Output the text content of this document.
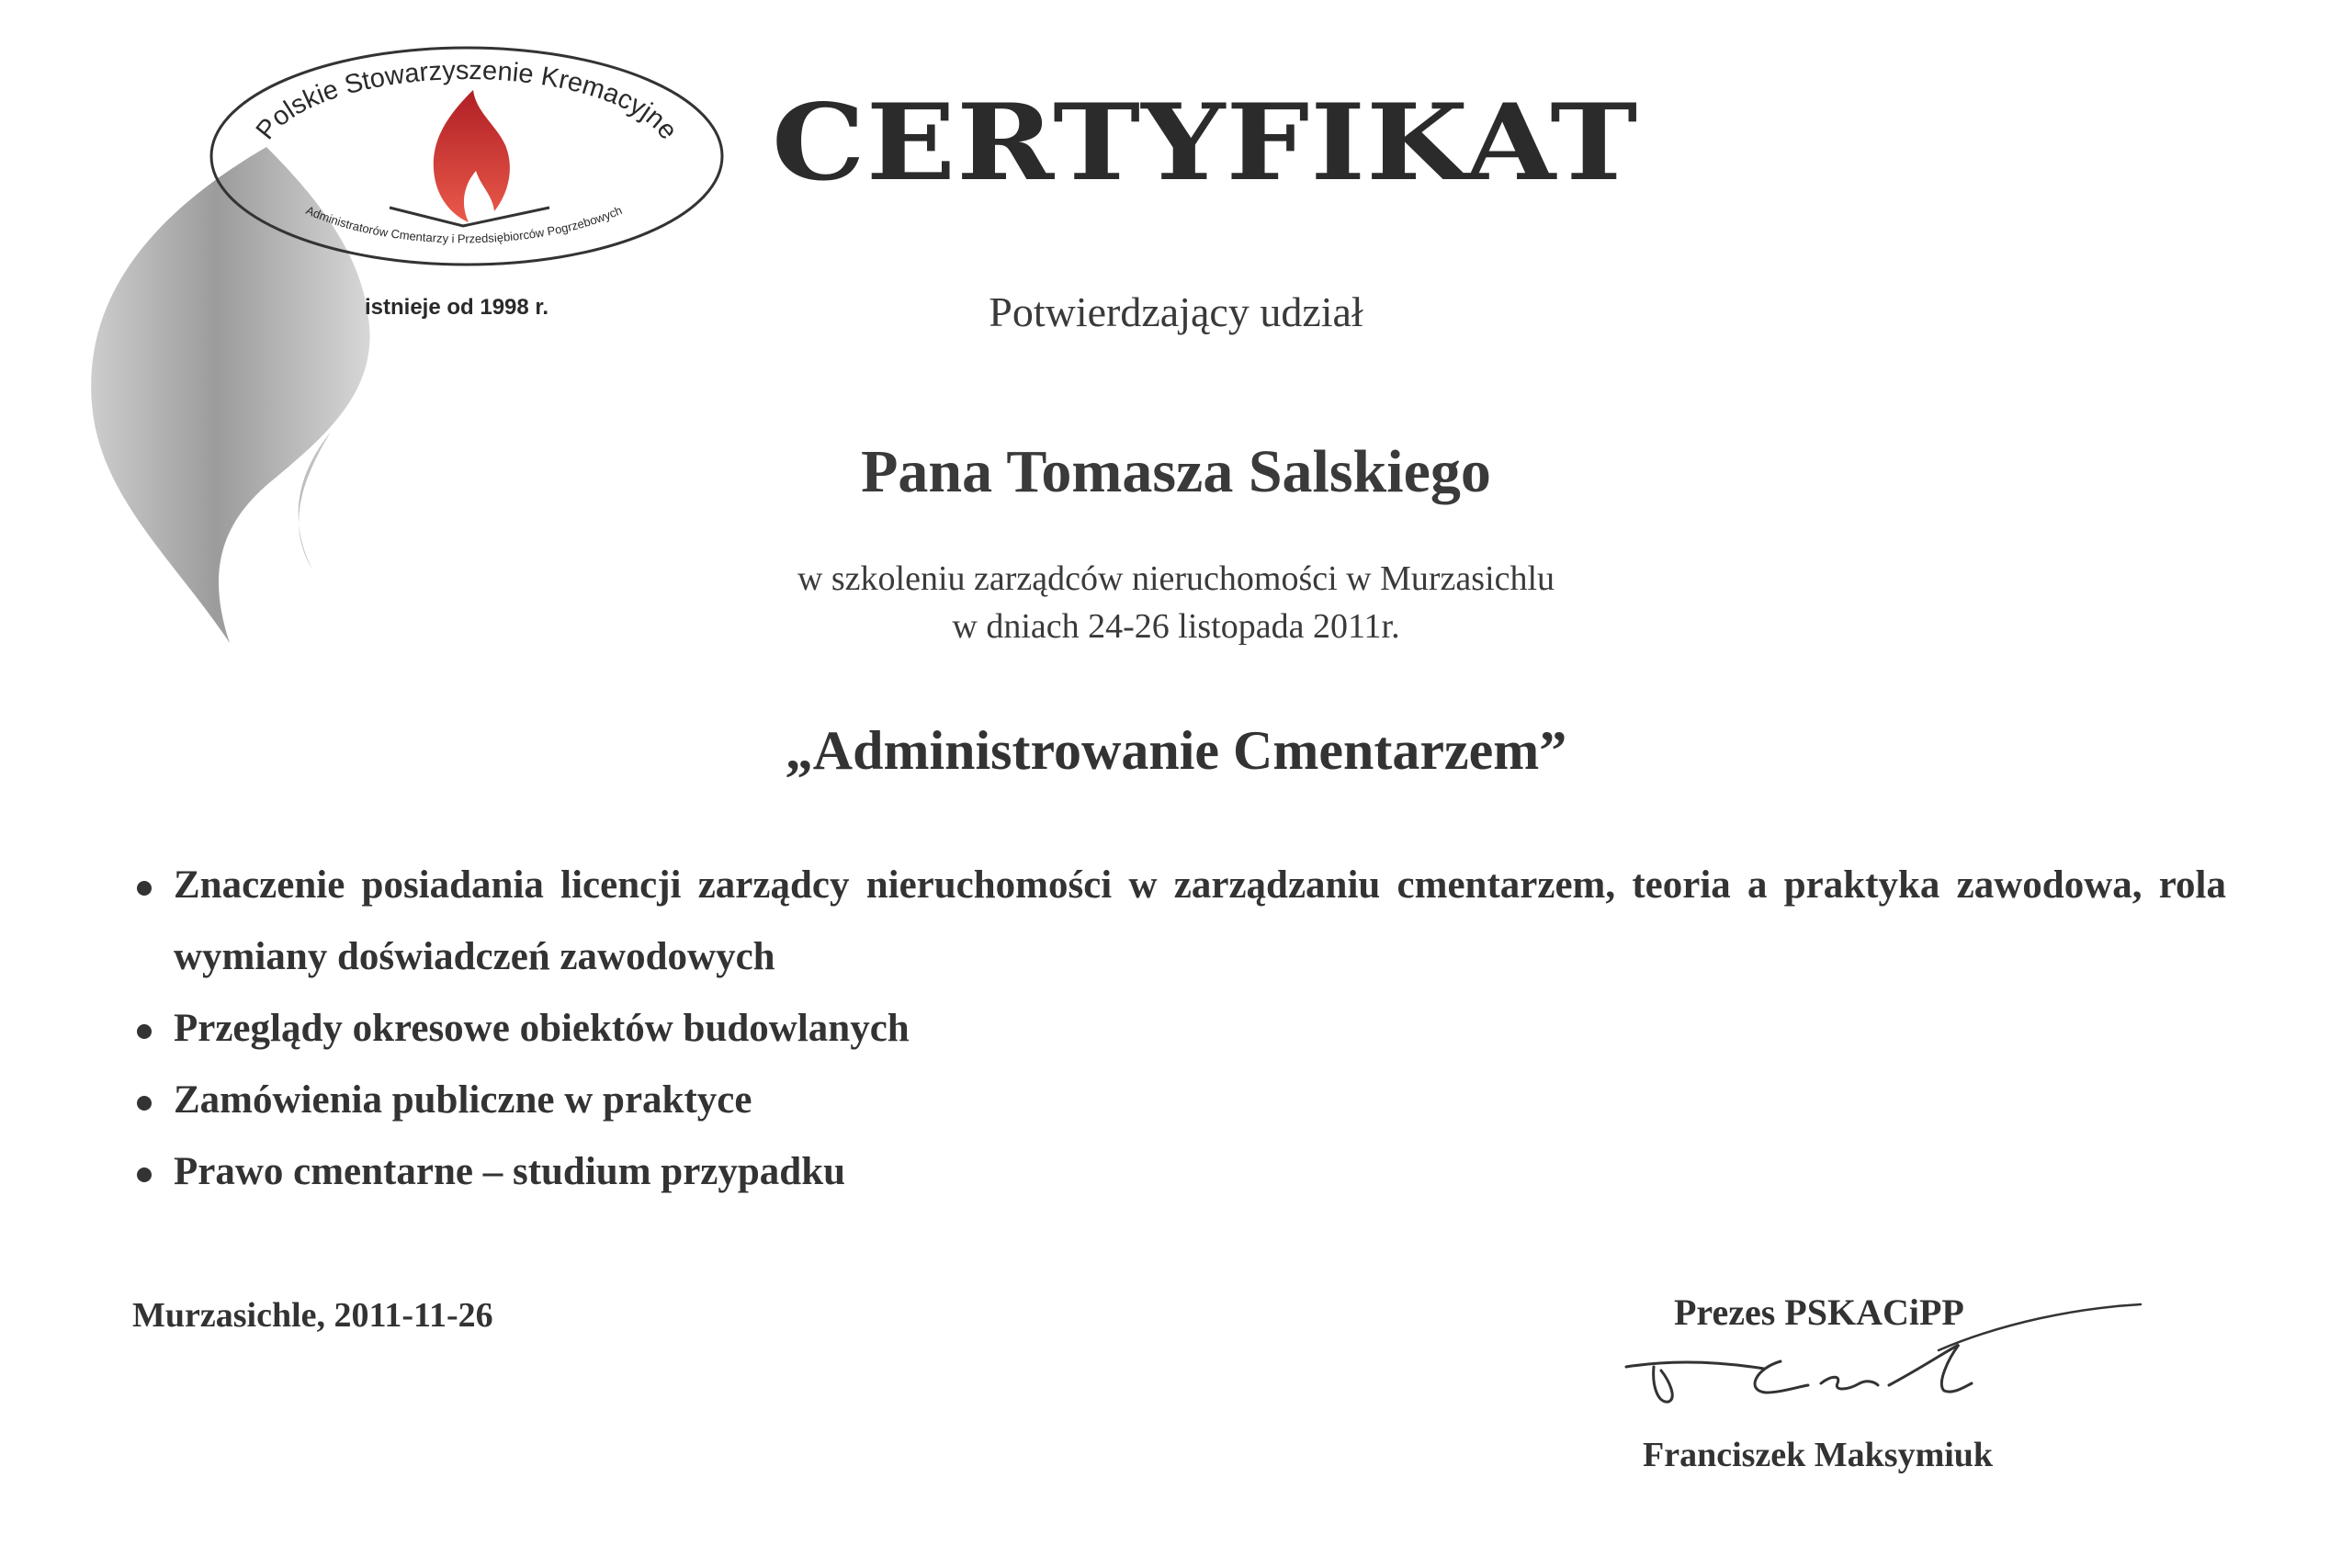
Polskie Stowarzyszenie Kremacyjne
Administratorów Cmentarzy i Przedsiębiorców Pogrzebowych
istnieje od 1998 r.
CERTYFIKAT
Potwierdzający udział
Pana Tomasza Salskiego
w szkoleniu zarządców nieruchomości w Murzasichlu
w dniach 24-26 listopada 2011r.
„Administrowanie Cmentarzem”
Znaczenie posiadania licencji zarządcy nieruchomości w zarządzaniu cmentarzem, teoria a praktyka zawodowa, rola wymiany doświadczeń zawodowych
Przeglądy okresowe obiektów budowlanych
Zamówienia publiczne w praktyce
Prawo cmentarne – studium przypadku
Murzasichle, 2011-11-26	Prezes PSKACiPP
Franciszek Maksymiuk
